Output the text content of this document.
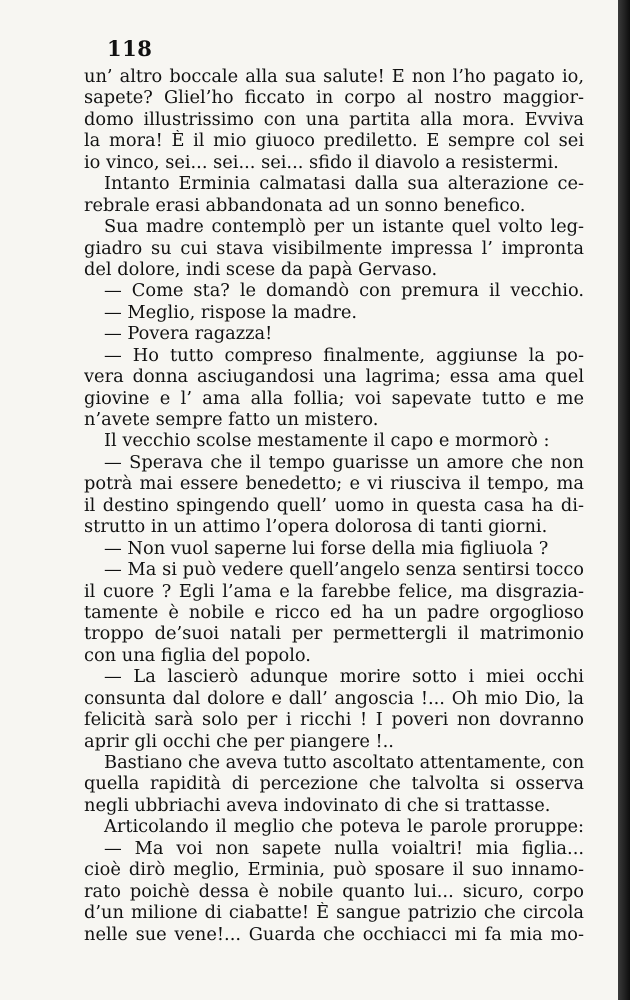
118
un’ altro boccale alla sua salute! E non l’ho pagato io,
sapete? Gliel’ho ficcato in corpo al nostro maggior-
domo illustrissimo con una partita alla mora. Evviva
la mora! È il mio giuoco prediletto. E sempre col sei
io vinco, sei... sei... sei... sfido il diavolo a resistermi.
Intanto Erminia calmatasi dalla sua alterazione ce-
rebrale erasi abbandonata ad un sonno benefico.
Sua madre contemplò per un istante quel volto leg-
giadro su cui stava visibilmente impressa l’ impronta
del dolore, indi scese da papà Gervaso.
— Come sta? le domandò con premura il vecchio.
— Meglio, rispose la madre.
— Povera ragazza!
— Ho tutto compreso finalmente, aggiunse la po-
vera donna asciugandosi una lagrima; essa ama quel
giovine e l’ ama alla follia; voi sapevate tutto e me
n’avete sempre fatto un mistero.
Il vecchio scolse mestamente il capo e mormorò :
— Sperava che il tempo guarisse un amore che non
potrà mai essere benedetto; e vi riusciva il tempo, ma
il destino spingendo quell’ uomo in questa casa ha di-
strutto in un attimo l’opera dolorosa di tanti giorni.
— Non vuol saperne lui forse della mia figliuola ?
— Ma si può vedere quell’angelo senza sentirsi tocco
il cuore ? Egli l’ama e la farebbe felice, ma disgrazia-
tamente è nobile e ricco ed ha un padre orgoglioso
troppo de’suoi natali per permettergli il matrimonio
con una figlia del popolo.
— La lascierò adunque morire sotto i miei occhi
consunta dal dolore e dall’ angoscia !... Oh mio Dio, la
felicità sarà solo per i ricchi ! I poveri non dovranno
aprir gli occhi che per piangere !..
Bastiano che aveva tutto ascoltato attentamente, con
quella rapidità di percezione che talvolta si osserva
negli ubbriachi aveva indovinato di che si trattasse.
Articolando il meglio che poteva le parole proruppe:
— Ma voi non sapete nulla voialtri! mia figlia...
cioè dirò meglio, Erminia, può sposare il suo innamo-
rato poichè dessa è nobile quanto lui... sicuro, corpo
d’un milione di ciabatte! È sangue patrizio che circola
nelle sue vene!... Guarda che occhiacci mi fa mia mo-
